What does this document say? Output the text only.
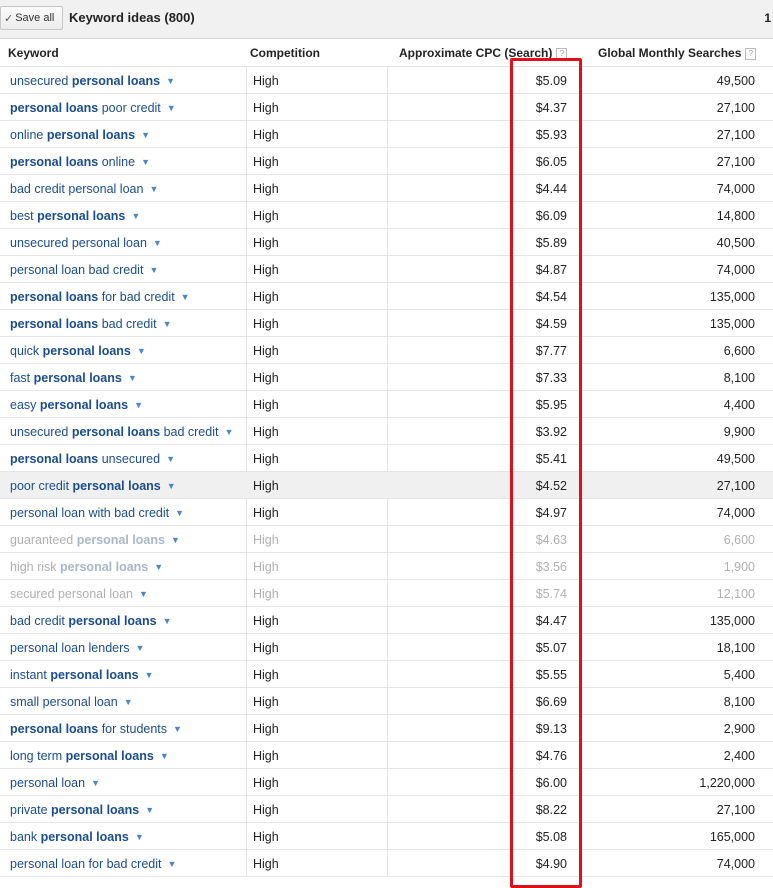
✓ Save all Keyword ideas (800)	1
Keyword	Competition	Approximate CPC (Search) ?	Global Monthly Searches ?
unsecured personal loans ▼	High	$5.09	49,500
personal loans poor credit ▼	High	$4.37	27,100
online personal loans ▼	High	$5.93	27,100
personal loans online ▼	High	$6.05	27,100
bad credit personal loan ▼	High	$4.44	74,000
best personal loans ▼	High	$6.09	14,800
unsecured personal loan ▼	High	$5.89	40,500
personal loan bad credit ▼	High	$4.87	74,000
personal loans for bad credit ▼	High	$4.54	135,000
personal loans bad credit ▼	High	$4.59	135,000
quick personal loans ▼	High	$7.77	6,600
fast personal loans ▼	High	$7.33	8,100
easy personal loans ▼	High	$5.95	4,400
unsecured personal loans bad credit ▼ High	$3.92	9,900
personal loans unsecured ▼	High	$5.41	49,500
poor credit personal loans ▼	High	$4.52	27,100
personal loan with bad credit ▼	High	$4.97	74,000
guaranteed personal loans ▼	High	$4.63	6,600
high risk personal loans ▼	High	$3.56	1,900
secured personal loan ▼	High	$5.74	12,100
bad credit personal loans ▼	High	$4.47	135,000
personal loan lenders ▼	High	$5.07	18,100
instant personal loans ▼	High	$5.55	5,400
small personal loan ▼	High	$6.69	8,100
personal loans for students ▼	High	$9.13	2,900
long term personal loans ▼	High	$4.76	2,400
personal loan ▼	High	$6.00	1,220,000
private personal loans ▼	High	$8.22	27,100
bank personal loans ▼	High	$5.08	165,000
personal loan for bad credit ▼	High	$4.90	74,000
